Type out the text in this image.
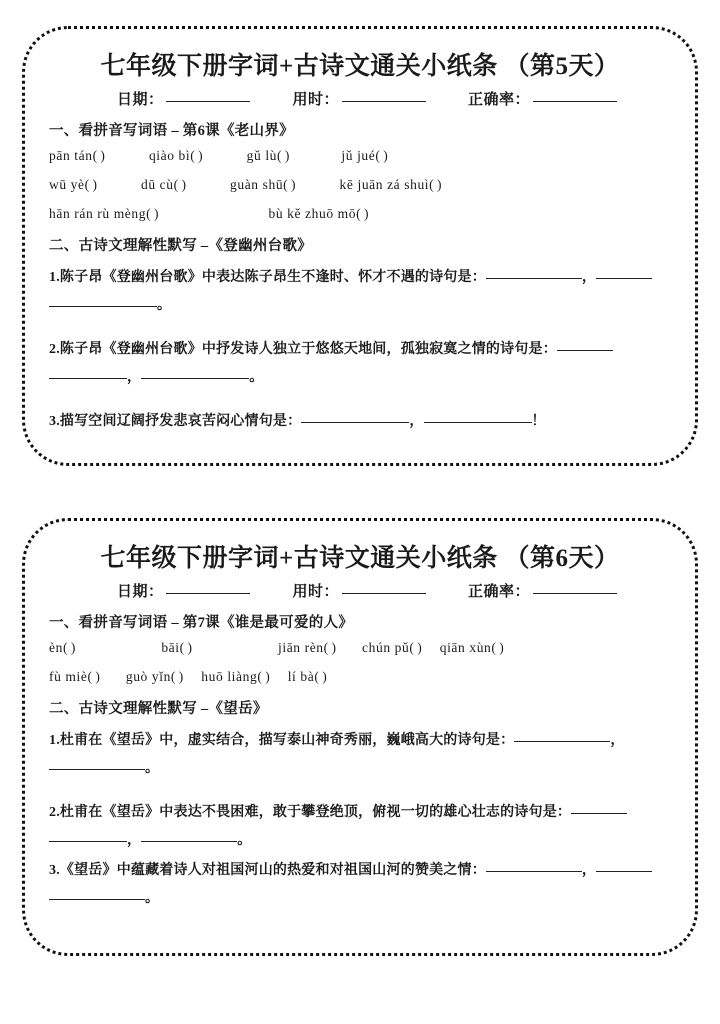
七年级下册字词+古诗文通关小纸条 （第5天）
日期：	用时：	正确率：
一、看拼音写词语 – 第6课《老山界》
pān tán( )	qiào bì( )	gǔ lù( )	jǔ jué( )
wū yè( )	dū cù( )	guàn shū( )	kē juān zá shuì( )
hān rán rù mèng( )	bù kě zhuō mō( )
二、古诗文理解性默写 –《登幽州台歌》
1.陈子昂《登幽州台歌》中表达陈子昂生不逢时、怀才不遇的诗句是：	，
。
2.陈子昂《登幽州台歌》中抒发诗人独立于悠悠天地间，孤独寂寞之情的诗句是：
，	。
3.描写空间辽阔抒发悲哀苦闷心情句是：	，	！
七年级下册字词+古诗文通关小纸条 （第6天）
日期：	用时：	正确率：
一、看拼音写词语 – 第7课《谁是最可爱的人》
èn( )	bāi( )	jiān rèn( ) chún pǔ( ) qiān xùn( )
fù miè( ) guò yǐn( ) huō liàng( ) lí bà( )
二、古诗文理解性默写 –《望岳》
1.杜甫在《望岳》中，虚实结合，描写泰山神奇秀丽，巍峨高大的诗句是：	，
。
2.杜甫在《望岳》中表达不畏困难，敢于攀登绝顶，俯视一切的雄心壮志的诗句是：
，	。
3.《望岳》中蕴藏着诗人对祖国河山的热爱和对祖国山河的赞美之情：	，
。
